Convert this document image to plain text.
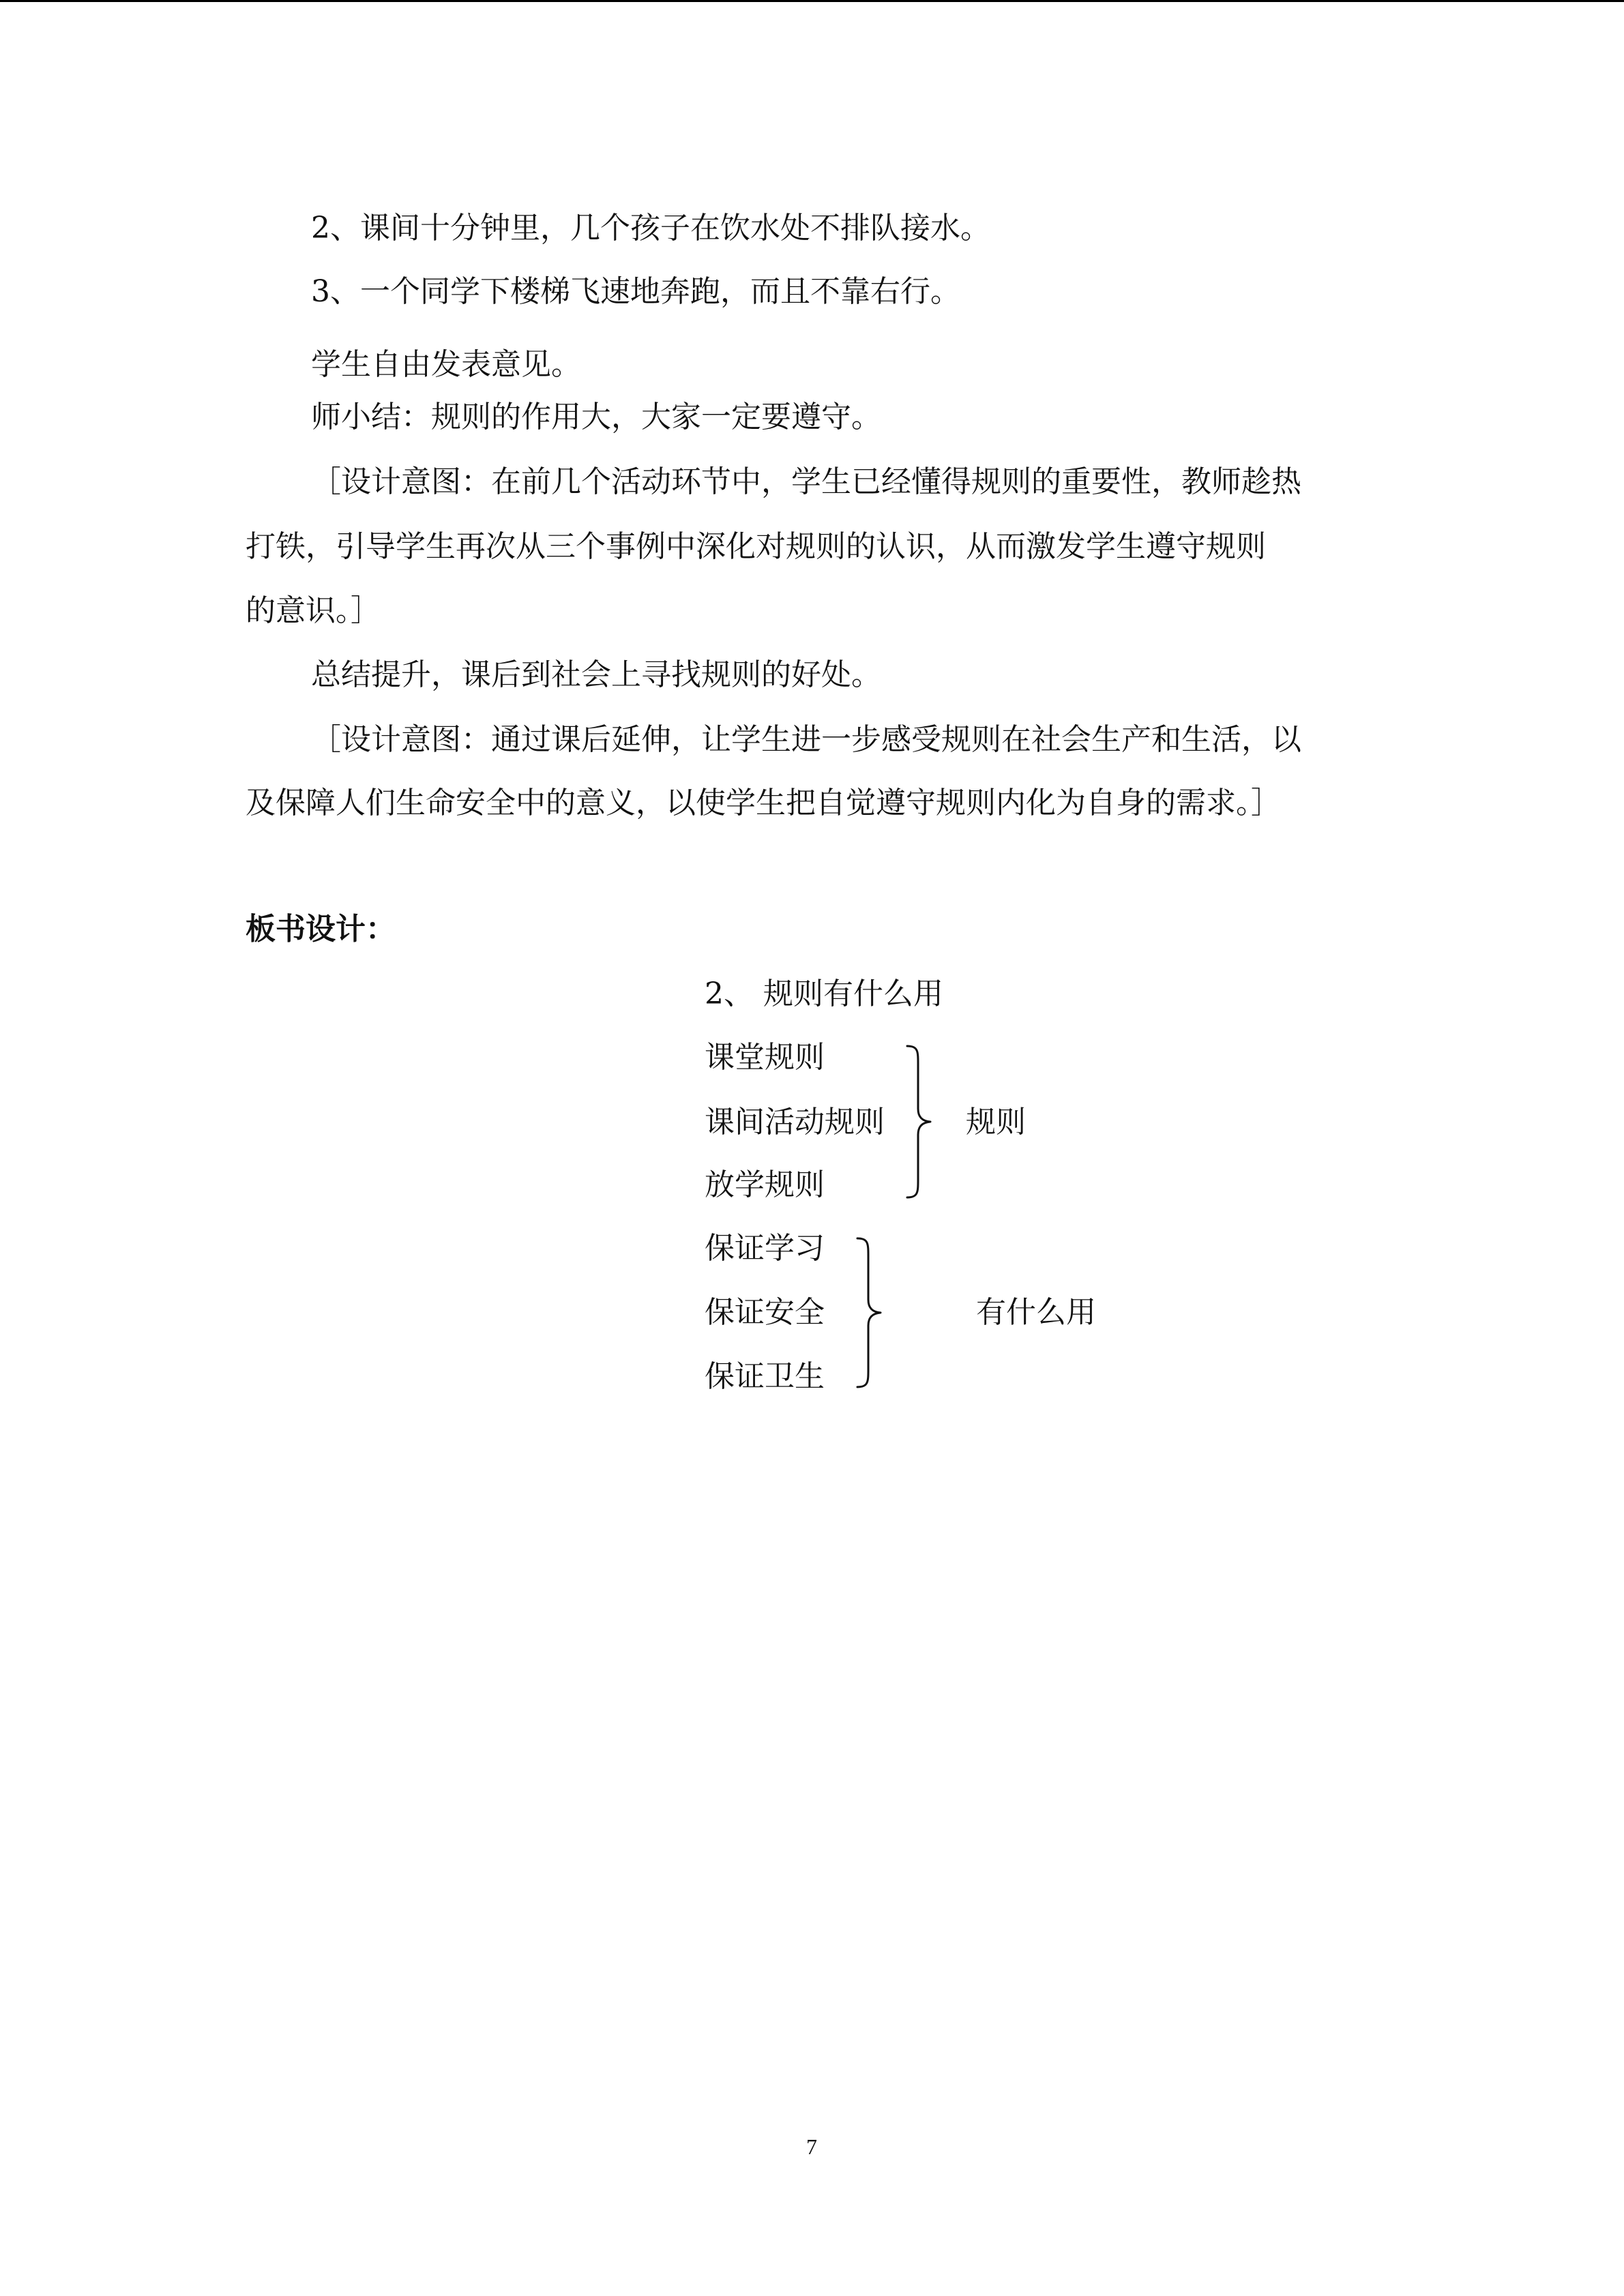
2、课间十分钟里，几个孩子在饮水处不排队接水。
3、一个同学下楼梯飞速地奔跑，而且不靠右行。
学生自由发表意见。
师小结：规则的作用大，大家一定要遵守。
［设计意图：在前几个活动环节中，学生已经懂得规则的重要性，教师趁热
打铁，引导学生再次从三个事例中深化对规则的认识，从而激发学生遵守规则
的意识。］
总结提升，课后到社会上寻找规则的好处。
［设计意图：通过课后延伸，让学生进一步感受规则在社会生产和生活，以
及保障人们生命安全中的意义，以使学生把自觉遵守规则内化为自身的需求。］
板书设计：
2、 规则有什么用
课堂规则
课间活动规则
放学规则
规则
保证学习
保证安全
保证卫生
有什么用
7
